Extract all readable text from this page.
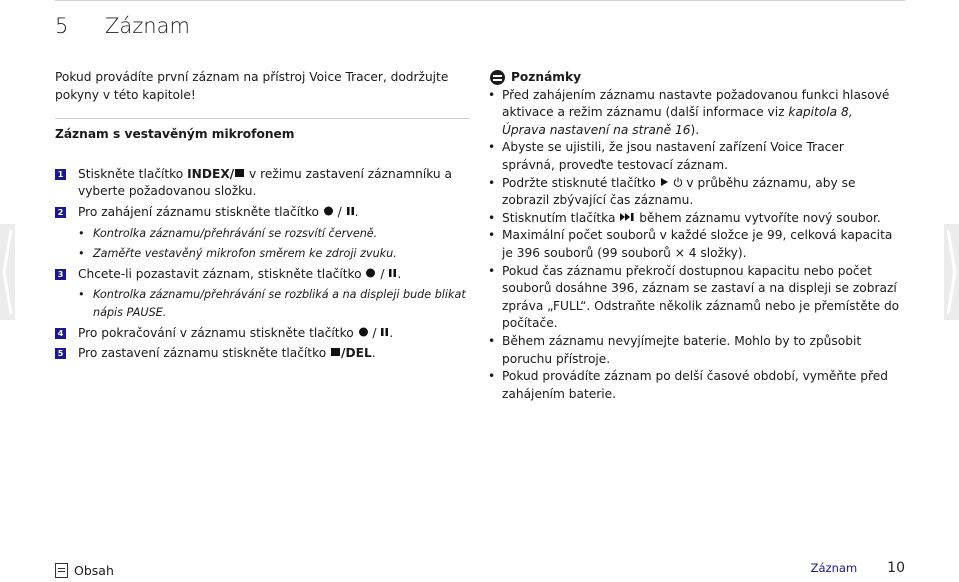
5 Záznam

Pokud provádíte první záznam na přístroj Voice Tracer, dodržujte pokyny v této kapitole!

Záznam s vestavěným mikrofonem

1 Stiskněte tlačítko INDEX/ v režimu zastavení záznamníku a vyberte požadovanou složku.
2 Pro zahájení záznamu stiskněte tlačítko  / .
• Kontrolka záznamu/přehrávání se rozsvítí červeně.
• Zaměřte vestavěný mikrofon směrem ke zdroji zvuku.
3 Chcete-li pozastavit záznam, stiskněte tlačítko  / .
• Kontrolka záznamu/přehrávání se rozbliká a na displeji bude blikat nápis PAUSE.
4 Pro pokračování v záznamu stiskněte tlačítko  / .
5 Pro zastavení záznamu stiskněte tlačítko /DEL.
Poznámky
• Před zahájením záznamu nastavte požadovanou funkci hlasové aktivace a režim záznamu (další informace viz kapitola 8, Úprava nastavení na straně 16).
• Abyste se ujistili, že jsou nastavení zařízení Voice Tracer správná, proveďte testovací záznam.
• Podržte stisknuté tlačítko   v průběhu záznamu, aby se zobrazil zbývající čas záznamu.
• Stisknutím tlačítka  během záznamu vytvoříte nový soubor.
• Maximální počet souborů v každé složce je 99, celková kapacita je 396 souborů (99 souborů × 4 složky).
• Pokud čas záznamu překročí dostupnou kapacitu nebo počet souborů dosáhne 396, záznam se zastaví a na displeji se zobrazí zpráva „FULL“. Odstraňte několik záznamů nebo je přemístěte do počítače.
• Během záznamu nevyjímejte baterie. Mohlo by to způsobit poruchu přístroje.
• Pokud provádíte záznam po delší časové období, vyměňte před zahájením baterie.
Obsah	Záznam 10
